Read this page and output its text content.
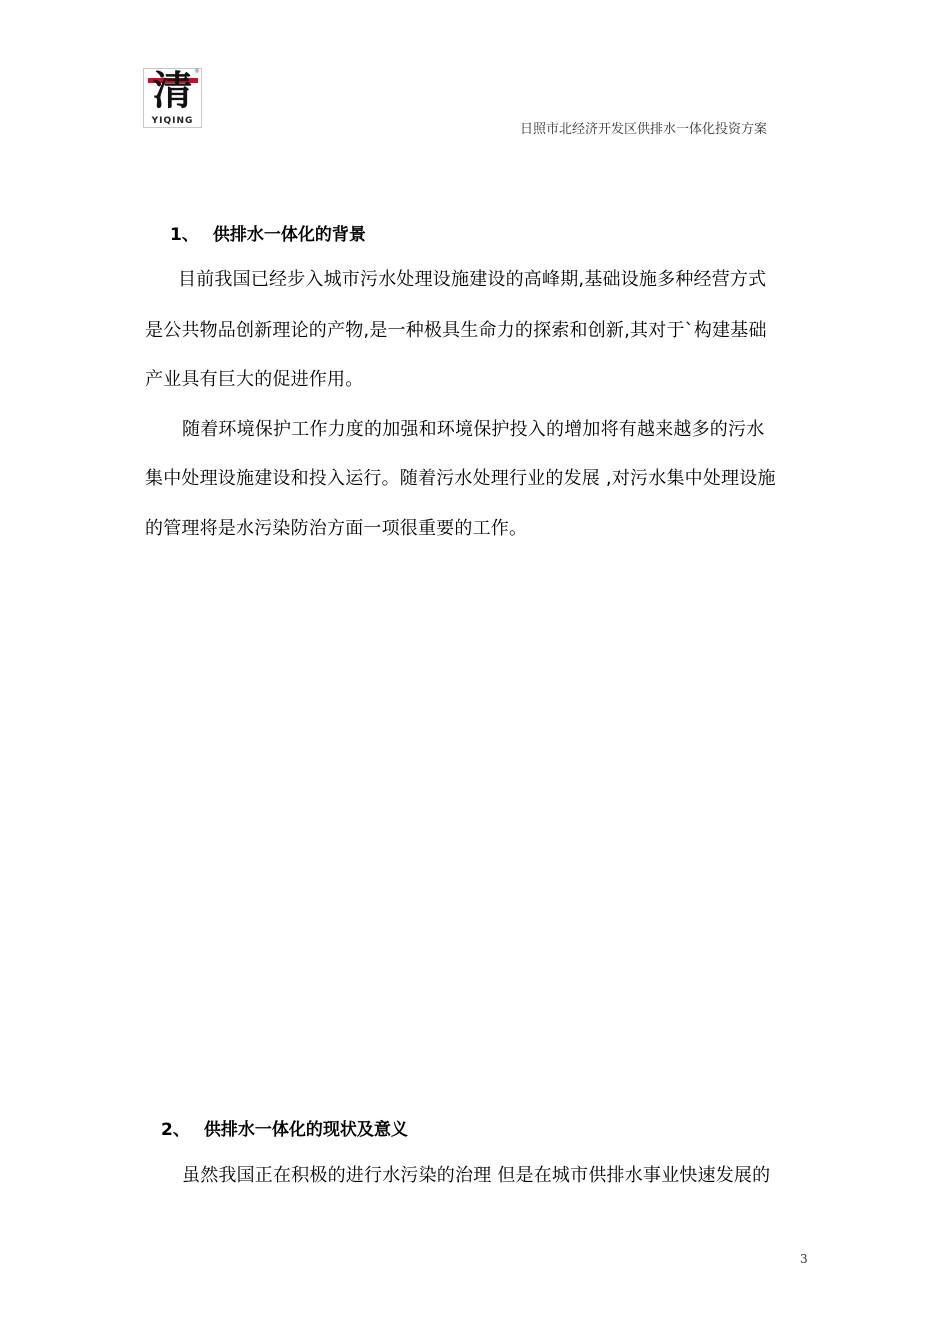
清 ®
YIQING
日照市北经济开发区供排水一体化投资方案
1、 供排水一体化的背景
目前我国已经步入城市污水处理设施建设的高峰期,基础设施多种经营方式
是公共物品创新理论的产物,是一种极具生命力的探索和创新,其对于`构建基础
产业具有巨大的促进作用。
随着环境保护工作力度的加强和环境保护投入的增加将有越来越多的污水
集中处理设施建设和投入运行。随着污水处理行业的发展 ,对污水集中处理设施
的管理将是水污染防治方面一项很重要的工作。
2、 供排水一体化的现状及意义
虽然我国正在积极的进行水污染的治理 但是在城市供排水事业快速发展的
3
